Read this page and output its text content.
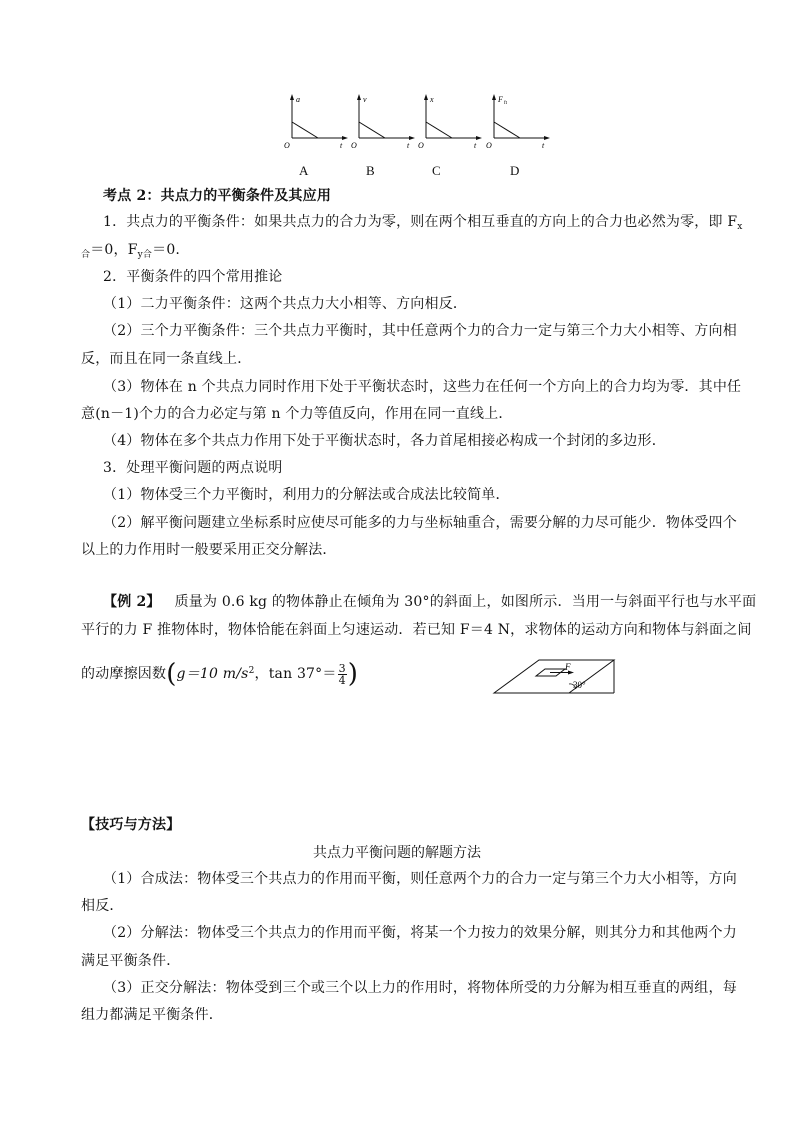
a
O	t
v
O	t
x
O	t
F ft
O	t
A	B	C	D
考点 2：共点力的平衡条件及其应用
1．共点力的平衡条件：如果共点力的合力为零，则在两个相互垂直的方向上的合力也必然为零，即 $F_x$
$_合$＝0，$F_{y合}=0$.
2．平衡条件的四个常用推论
（1）二力平衡条件：这两个共点力大小相等、方向相反．
（2）三个力平衡条件：三个共点力平衡时，其中任意两个力的合力一定与第三个力大小相等、方向相
反，而且在同一条直线上．
（3）物体在 n 个共点力同时作用下处于平衡状态时，这些力在任何一个方向上的合力均为零．其中任
意(n－1)个力的合力必定与第 n 个力等值反向，作用在同一直线上．
（4）物体在多个共点力作用下处于平衡状态时，各力首尾相接必构成一个封闭的多边形．
3．处理平衡问题的两点说明
（1）物体受三个力平衡时，利用力的分解法或合成法比较简单．
（2）解平衡问题建立坐标系时应使尽可能多的力与坐标轴重合，需要分解的力尽可能少．物体受四个
以上的力作用时一般要采用正交分解法．
【例 2】 质量为 0.6 kg 的物体静止在倾角为 30°的斜面上，如图所示．当用一与斜面平行也与水平面
平行的力 F 推物体时，物体恰能在斜面上匀速运动．若已知 F＝4 N，求物体的运动方向和物体与斜面之间
的动摩擦因数(g＝10 $m/s^2$，$\tan 37^\circ= \frac{3}{4}$ )	F
30°
【技巧与方法】
共点力平衡问题的解题方法
（1）合成法：物体受三个共点力的作用而平衡，则任意两个力的合力一定与第三个力大小相等，方向
相反．
（2）分解法：物体受三个共点力的作用而平衡，将某一个力按力的效果分解，则其分力和其他两个力
满足平衡条件．
（3）正交分解法：物体受到三个或三个以上力的作用时，将物体所受的力分解为相互垂直的两组，每
组力都满足平衡条件．
